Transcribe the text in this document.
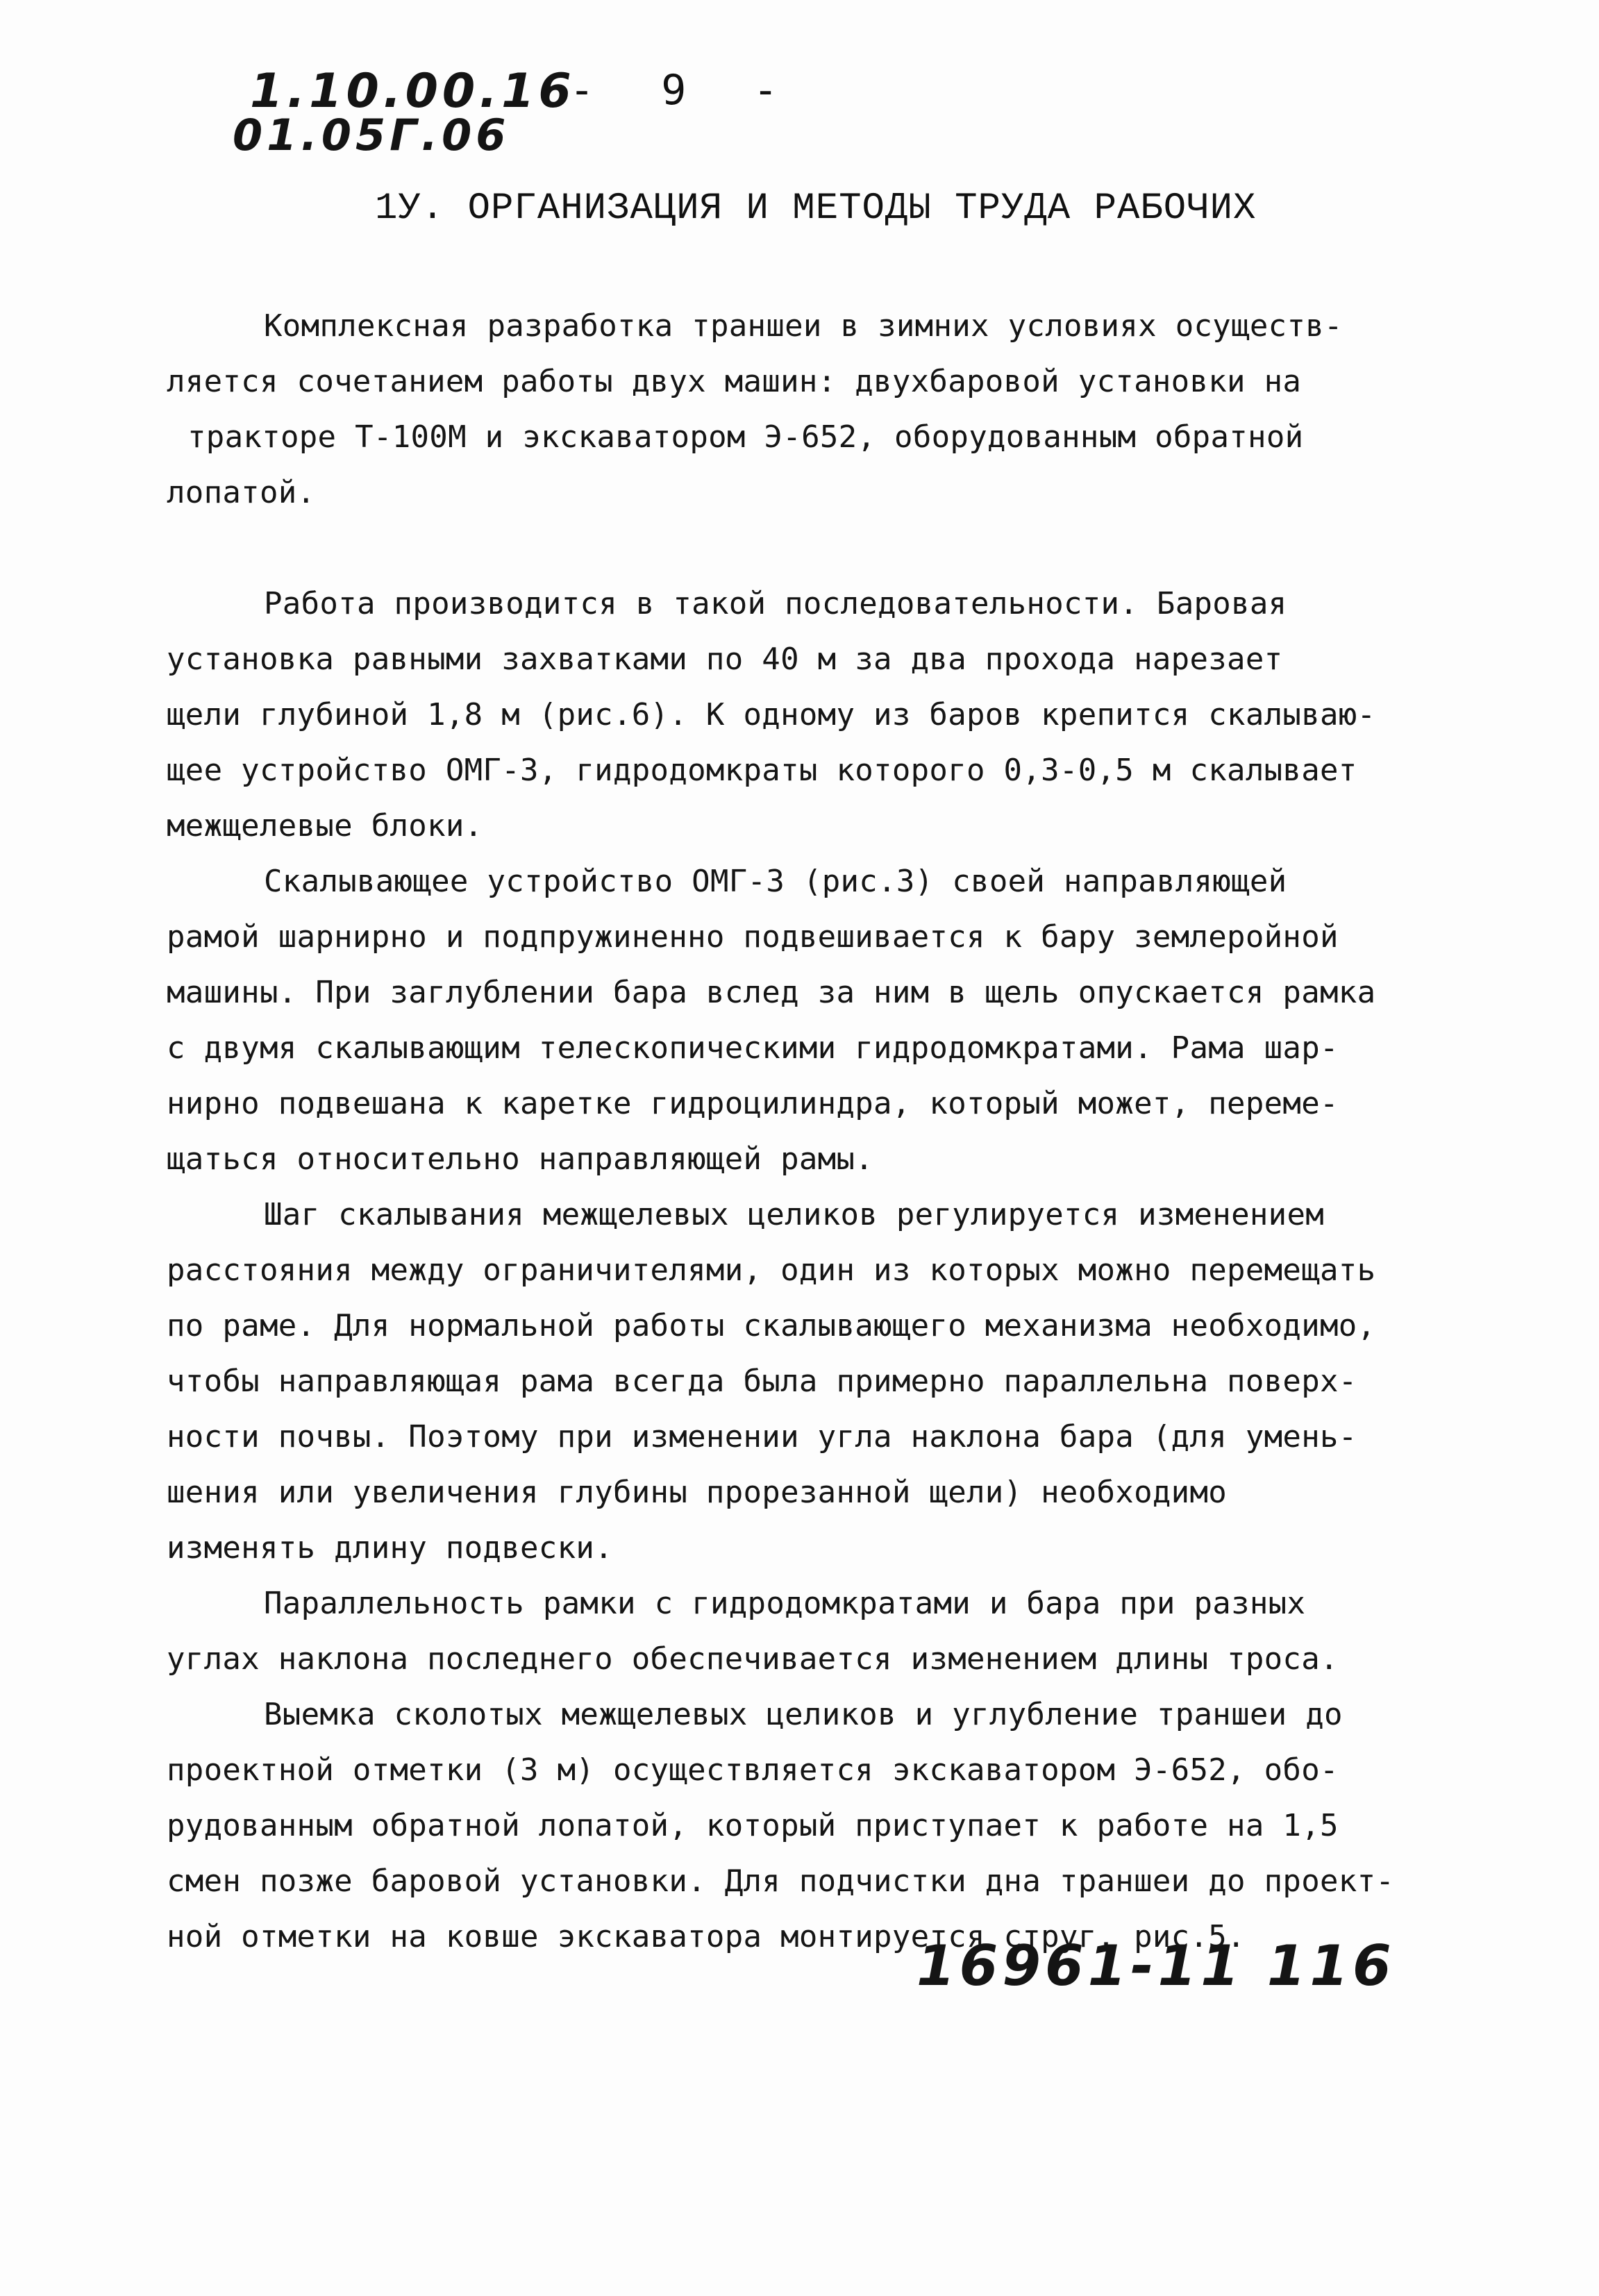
1.10.00.16
01.05Г.06
- 9 -
1У. ОРГАНИЗАЦИЯ И МЕТОДЫ ТРУДА РАБОЧИХ
Комплексная разработка траншеи в зимних условиях осуществ-
ляется сочетанием работы двух машин: двухбаровой установки на
тракторе Т-100М и экскаватором Э-652, оборудованным обратной
лопатой.
Работа производится в такой последовательности. Баровая
установка равными захватками по 40 м за два прохода нарезает
щели глубиной 1,8 м (рис.6). К одному из баров крепится скалываю-
щее устройство ОМГ-3, гидродомкраты которого 0,3-0,5 м скалывает
межщелевые блоки.
Скалывающее устройство ОМГ-3 (рис.3) своей направляющей
рамой шарнирно и подпружиненно подвешивается к бару землеройной
машины. При заглублении бара вслед за ним в щель опускается рамка
с двумя скалывающим телескопическими гидродомкратами. Рама шар-
нирно подвешана к каретке гидроцилиндра, который может, переме-
щаться относительно направляющей рамы.
Шаг скалывания межщелевых целиков регулируется изменением
расстояния между ограничителями, один из которых можно перемещать
по раме. Для нормальной работы скалывающего механизма необходимо,
чтобы направляющая рама всегда была примерно параллельна поверх-
ности почвы. Поэтому при изменении угла наклона бара (для умень-
шения или увеличения глубины прорезанной щели) необходимо
изменять длину подвески.
Параллельность рамки с гидродомкратами и бара при разных
углах наклона последнего обеспечивается изменением длины троса.
Выемка сколотых межщелевых целиков и углубление траншеи до
проектной отметки (3 м) осуществляется экскаватором Э-652, обо-
рудованным обратной лопатой, который приступает к работе на 1,5
смен позже баровой установки. Для подчистки дна траншеи до проект-
ной отметки на ковше экскаватора монтируется струг, рис.5.
16961-11 116
